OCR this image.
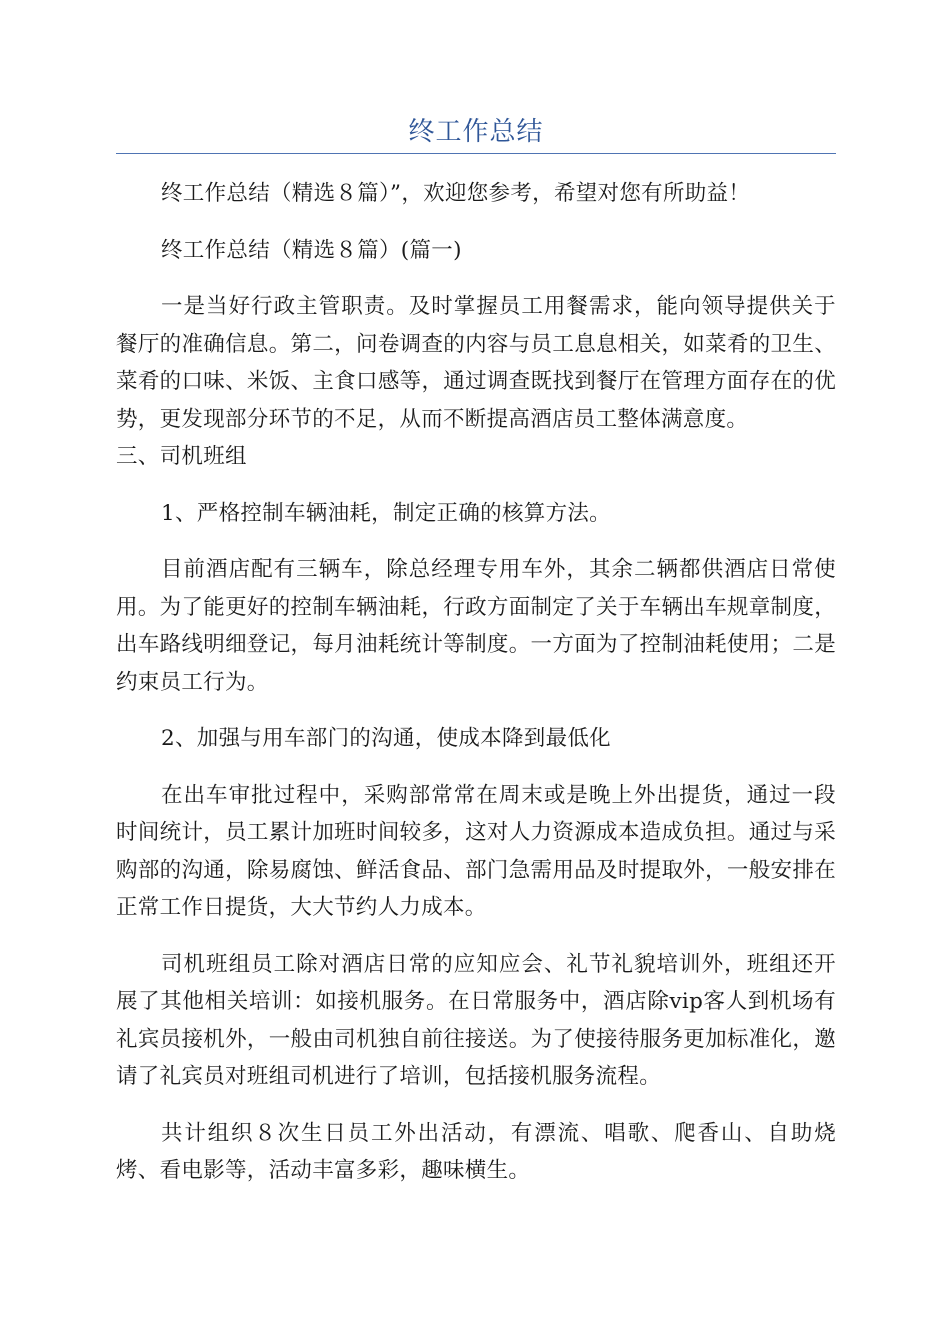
终工作总结

终工作总结（精选８篇）”，欢迎您参考，希望对您有所助益！

终工作总结（精选８篇）(篇一)

一是当好行政主管职责。及时掌握员工用餐需求，能向领导提供关于餐厅的准确信息。第二，问卷调查的内容与员工息息相关，如菜肴的卫生、菜肴的口味、米饭、主食口感等，通过调查既找到餐厅在管理方面存在的优势，更发现部分环节的不足，从而不断提高酒店员工整体满意度。

三、司机班组

1、严格控制车辆油耗，制定正确的核算方法。

目前酒店配有三辆车，除总经理专用车外，其余二辆都供酒店日常使用。为了能更好的控制车辆油耗，行政方面制定了关于车辆出车规章制度，出车路线明细登记，每月油耗统计等制度。一方面为了控制油耗使用；二是约束员工行为。

2、加强与用车部门的沟通，使成本降到最低化

在出车审批过程中，采购部常常在周末或是晚上外出提货，通过一段时间统计，员工累计加班时间较多，这对人力资源成本造成负担。通过与采购部的沟通，除易腐蚀、鲜活食品、部门急需用品及时提取外，一般安排在正常工作日提货，大大节约人力成本。

司机班组员工除对酒店日常的应知应会、礼节礼貌培训外，班组还开展了其他相关培训：如接机服务。在日常服务中，酒店除vip客人到机场有礼宾员接机外，一般由司机独自前往接送。为了使接待服务更加标准化，邀请了礼宾员对班组司机进行了培训，包括接机服务流程。

共计组织８次生日员工外出活动，有漂流、唱歌、爬香山、自助烧烤、看电影等，活动丰富多彩，趣味横生。
